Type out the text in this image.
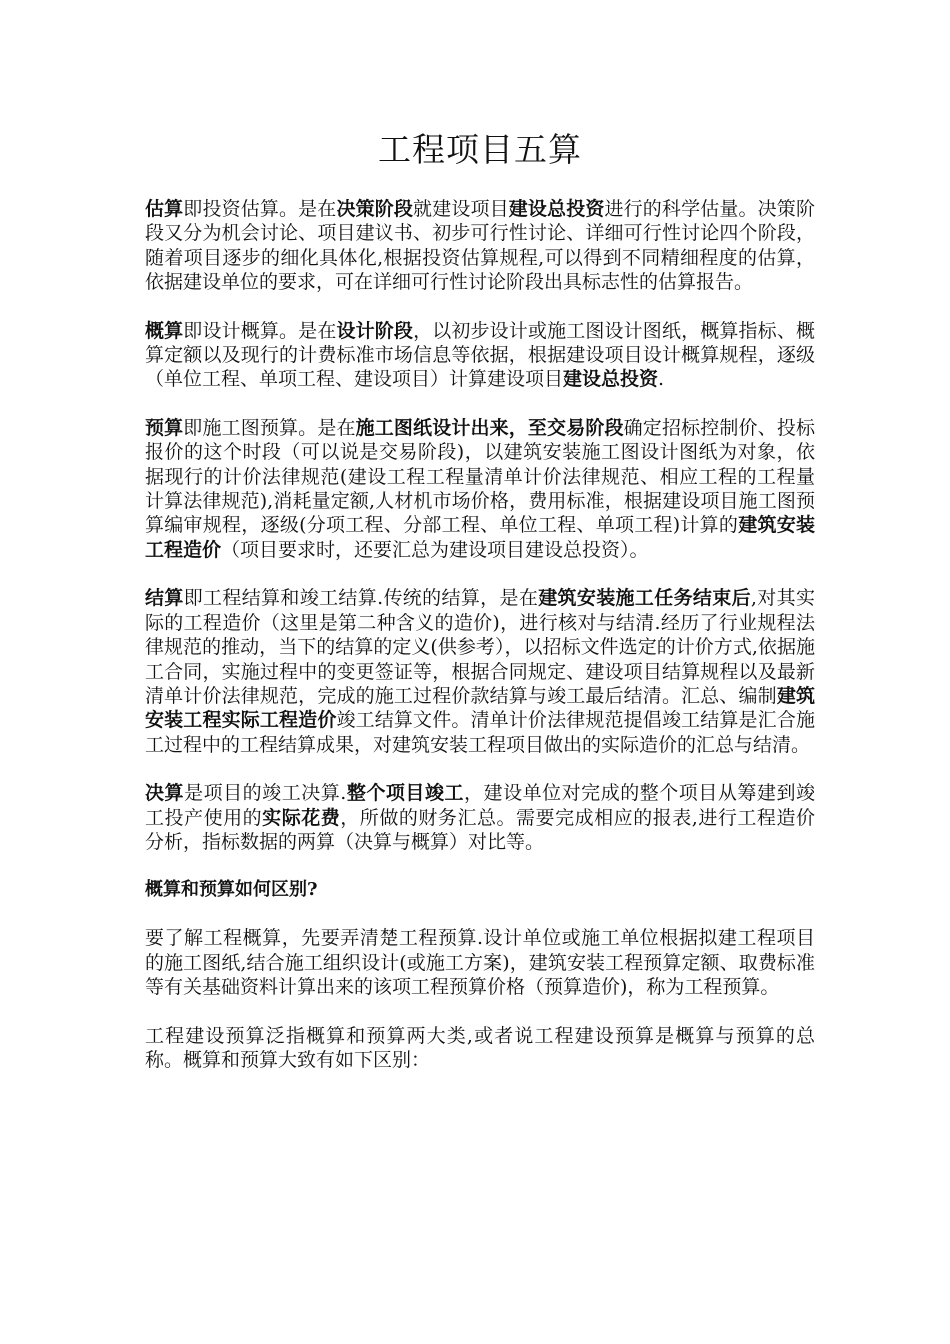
工程项目五算

估算即投资估算。是在决策阶段就建设项目建设总投资进行的科学估量。决策阶段又分为机会讨论、项目建议书、初步可行性讨论、详细可行性讨论四个阶段，随着项目逐步的细化具体化,根据投资估算规程,可以得到不同精细程度的估算，依据建设单位的要求，可在详细可行性讨论阶段出具标志性的估算报告。

概算即设计概算。是在设计阶段，以初步设计或施工图设计图纸，概算指标、概算定额以及现行的计费标准市场信息等依据，根据建设项目设计概算规程，逐级（单位工程、单项工程、建设项目）计算建设项目建设总投资.

预算即施工图预算。是在施工图纸设计出来，至交易阶段确定招标控制价、投标报价的这个时段（可以说是交易阶段)，以建筑安装施工图设计图纸为对象，依据现行的计价法律规范(建设工程工程量清单计价法律规范、相应工程的工程量计算法律规范),消耗量定额,人材机市场价格，费用标准，根据建设项目施工图预算编审规程，逐级(分项工程、分部工程、单位工程、单项工程)计算的建筑安装工程造价（项目要求时，还要汇总为建设项目建设总投资）。

结算即工程结算和竣工结算.传统的结算，是在建筑安装施工任务结束后,对其实际的工程造价（这里是第二种含义的造价)，进行核对与结清.经历了行业规程法律规范的推动，当下的结算的定义(供参考），以招标文件选定的计价方式,依据施工合同，实施过程中的变更签证等，根据合同规定、建设项目结算规程以及最新清单计价法律规范，完成的施工过程价款结算与竣工最后结清。汇总、编制建筑安装工程实际工程造价竣工结算文件。清单计价法律规范提倡竣工结算是汇合施工过程中的工程结算成果，对建筑安装工程项目做出的实际造价的汇总与结清。

决算是项目的竣工决算.整个项目竣工，建设单位对完成的整个项目从筹建到竣工投产使用的实际花费，所做的财务汇总。需要完成相应的报表,进行工程造价分析，指标数据的两算（决算与概算）对比等。

概算和预算如何区别?

要了解工程概算，先要弄清楚工程预算.设计单位或施工单位根据拟建工程项目的施工图纸,结合施工组织设计(或施工方案)，建筑安装工程预算定额、取费标准等有关基础资料计算出来的该项工程预算价格（预算造价)，称为工程预算。

工程建设预算泛指概算和预算两大类,或者说工程建设预算是概算与预算的总称。概算和预算大致有如下区别：
